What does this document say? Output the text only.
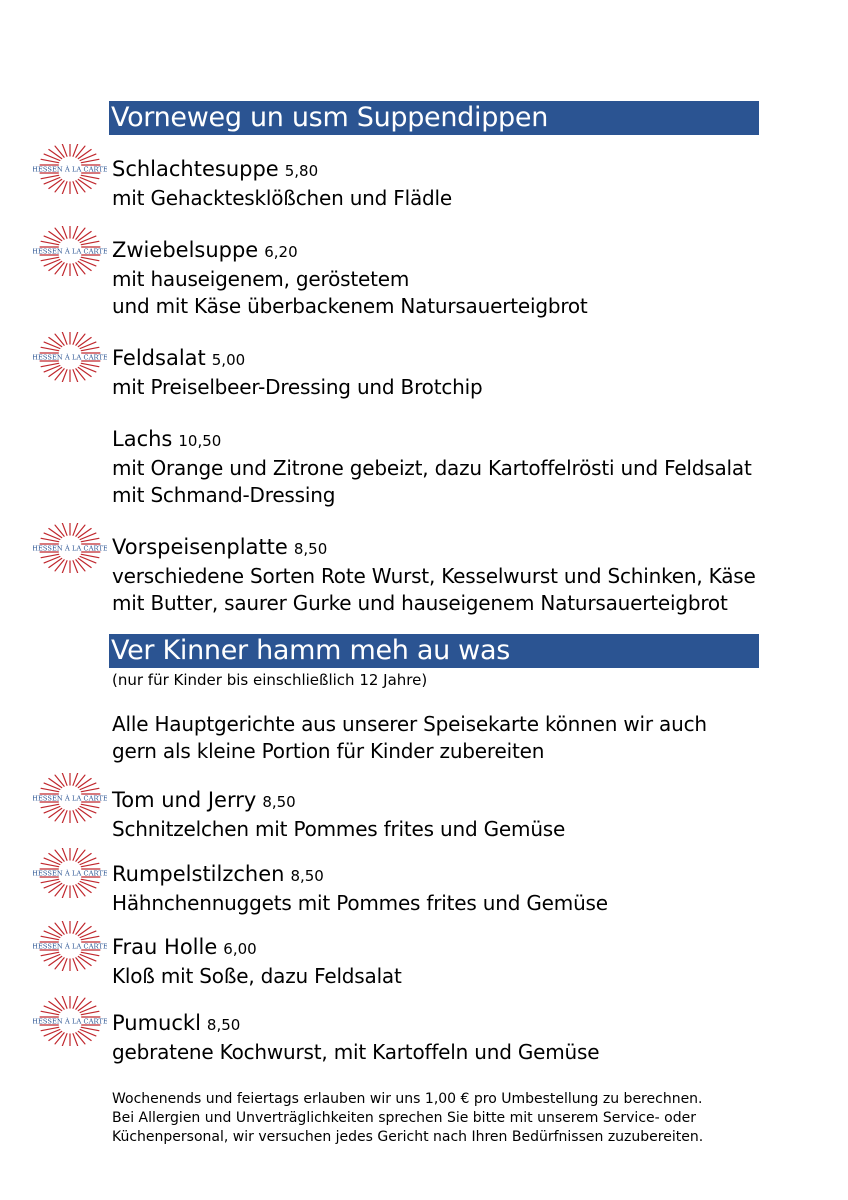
Vorneweg un usm Suppendippen
Schlachtesuppe 5,80
mit Gehacktesklößchen und Flädle
Zwiebelsuppe 6,20
mit hauseigenem, geröstetem
und mit Käse überbackenem Natursauerteigbrot
Feldsalat 5,00
mit Preiselbeer-Dressing und Brotchip
Lachs 10,50
mit Orange und Zitrone gebeizt, dazu Kartoffelrösti und Feldsalat
mit Schmand-Dressing
Vorspeisenplatte 8,50
verschiedene Sorten Rote Wurst, Kesselwurst und Schinken, Käse
mit Butter, saurer Gurke und hauseigenem Natursauerteigbrot
Ver Kinner hamm meh au was
(nur für Kinder bis einschließlich 12 Jahre)
Alle Hauptgerichte aus unserer Speisekarte können wir auch
gern als kleine Portion für Kinder zubereiten
Tom und Jerry 8,50
Schnitzelchen mit Pommes frites und Gemüse
Rumpelstilzchen 8,50
Hähnchennuggets mit Pommes frites und Gemüse
Frau Holle 6,00
Kloß mit Soße, dazu Feldsalat
Pumuckl 8,50
gebratene Kochwurst, mit Kartoffeln und Gemüse
Wochenends und feiertags erlauben wir uns 1,00 € pro Umbestellung zu berechnen.
Bei Allergien und Unverträglichkeiten sprechen Sie bitte mit unserem Service- oder
Küchenpersonal, wir versuchen jedes Gericht nach Ihren Bedürfnissen zuzubereiten.
